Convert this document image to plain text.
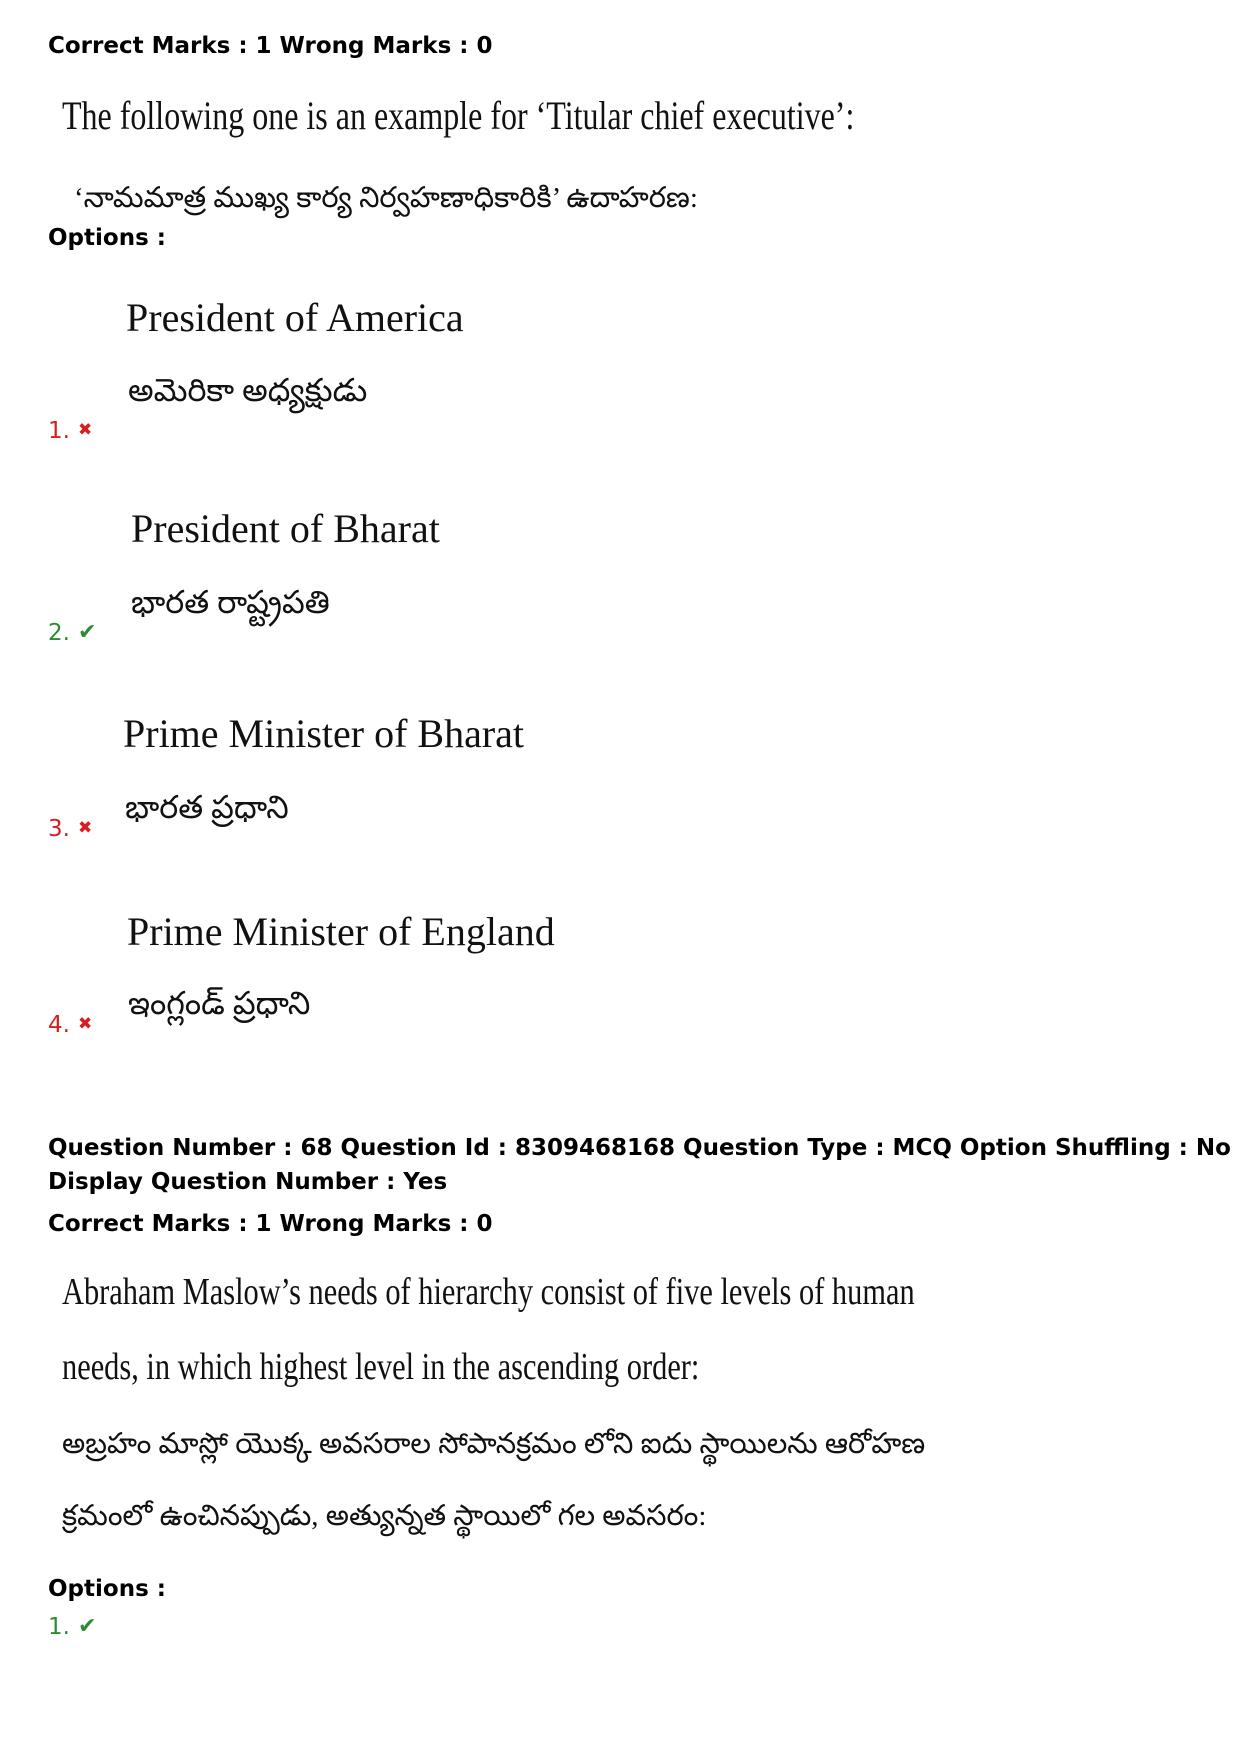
Correct Marks : 1 Wrong Marks : 0
The following one is an example for ‘Titular chief executive’:
‘నామమాత్ర ముఖ్య కార్య నిర్వహణాధికారికి’ ఉదాహరణ:
Options :
President of America
అమెరికా అధ్యక్షుడు
1. ✖
President of Bharat
భారత రాష్ట్రపతి
2. ✔
Prime Minister of Bharat
భారత ప్రధాని
3. ✖
Prime Minister of England
ఇంగ్లండ్ ప్రధాని
4. ✖
Question Number : 68 Question Id : 8309468168 Question Type : MCQ Option Shuffling : No
Display Question Number : Yes
Correct Marks : 1 Wrong Marks : 0
Abraham Maslow’s needs of hierarchy consist of five levels of human
needs, in which highest level in the ascending order:
అబ్రహం మాస్లో యొక్క అవసరాల సోపానక్రమం లోని ఐదు స్థాయిలను ఆరోహణ
క్రమంలో ఉంచినప్పుడు, అత్యున్నత స్థాయిలో గల అవసరం:
Options :
1. ✔
